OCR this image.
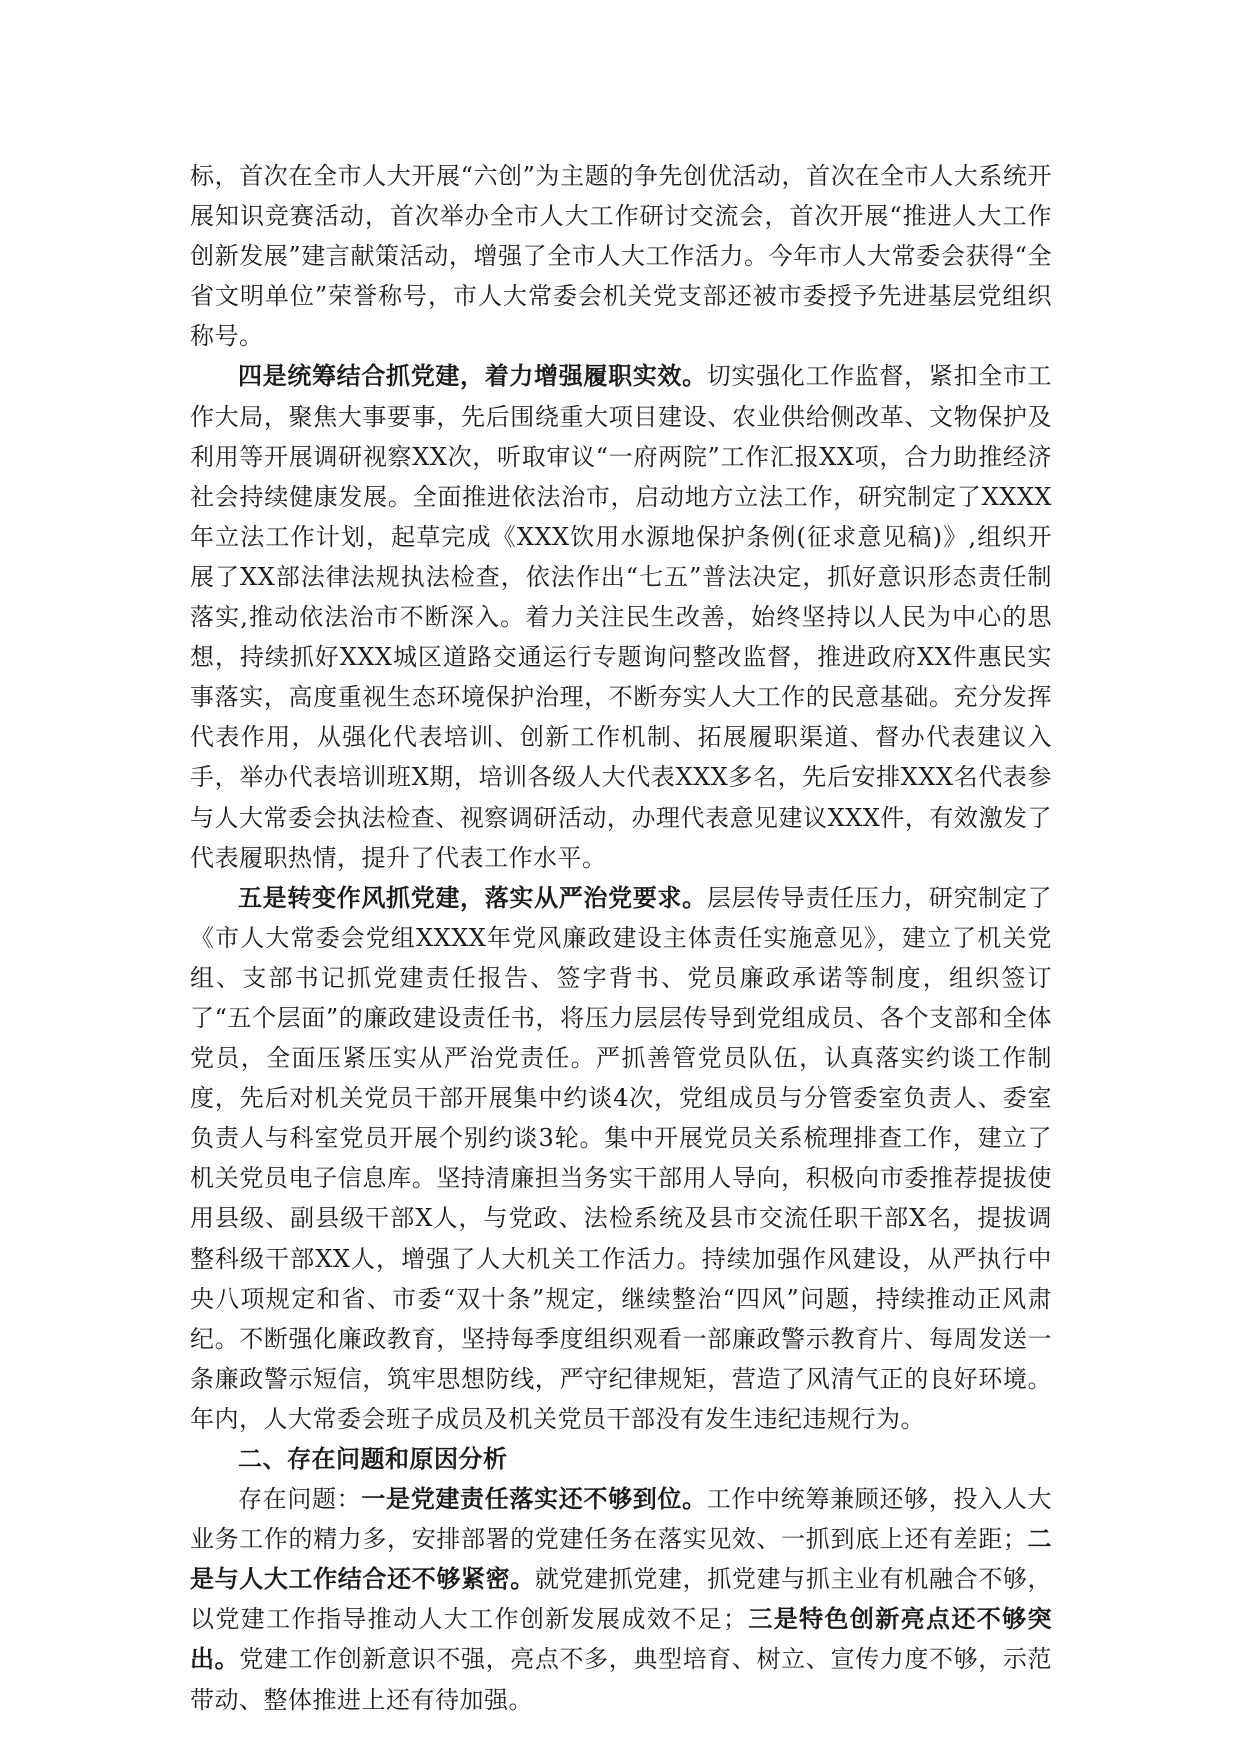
标，首次在全市人大开展“六创”为主题的争先创优活动，首次在全市人大系统开展知识竞赛活动，首次举办全市人大工作研讨交流会，首次开展“推进人大工作创新发展”建言献策活动，增强了全市人大工作活力。今年市人大常委会获得“全省文明单位”荣誉称号，市人大常委会机关党支部还被市委授予先进基层党组织称号。

四是统筹结合抓党建，着力增强履职实效。切实强化工作监督，紧扣全市工作大局，聚焦大事要事，先后围绕重大项目建设、农业供给侧改革、文物保护及利用等开展调研视察XX次，听取审议“一府两院”工作汇报XX项，合力助推经济社会持续健康发展。全面推进依法治市，启动地方立法工作，研究制定了XXXX年立法工作计划，起草完成《XXX饮用水源地保护条例(征求意见稿)》,组织开展了XX部法律法规执法检查，依法作出“七五”普法决定，抓好意识形态责任制落实,推动依法治市不断深入。着力关注民生改善，始终坚持以人民为中心的思想，持续抓好XXX城区道路交通运行专题询问整改监督，推进政府XX件惠民实事落实，高度重视生态环境保护治理，不断夯实人大工作的民意基础。充分发挥代表作用，从强化代表培训、创新工作机制、拓展履职渠道、督办代表建议入手，举办代表培训班X期，培训各级人大代表XXX多名，先后安排XXX名代表参与人大常委会执法检查、视察调研活动，办理代表意见建议XXX件，有效激发了代表履职热情，提升了代表工作水平。

五是转变作风抓党建，落实从严治党要求。层层传导责任压力，研究制定了《市人大常委会党组XXXX年党风廉政建设主体责任实施意见》，建立了机关党组、支部书记抓党建责任报告、签字背书、党员廉政承诺等制度，组织签订了“五个层面”的廉政建设责任书，将压力层层传导到党组成员、各个支部和全体党员，全面压紧压实从严治党责任。严抓善管党员队伍，认真落实约谈工作制度，先后对机关党员干部开展集中约谈4次，党组成员与分管委室负责人、委室负责人与科室党员开展个别约谈3轮。集中开展党员关系梳理排查工作，建立了机关党员电子信息库。坚持清廉担当务实干部用人导向，积极向市委推荐提拔使用县级、副县级干部X人，与党政、法检系统及县市交流任职干部X名，提拔调整科级干部XX人，增强了人大机关工作活力。持续加强作风建设，从严执行中央八项规定和省、市委“双十条”规定，继续整治“四风”问题，持续推动正风肃纪。不断强化廉政教育，坚持每季度组织观看一部廉政警示教育片、每周发送一条廉政警示短信，筑牢思想防线，严守纪律规矩，营造了风清气正的良好环境。年内，人大常委会班子成员及机关党员干部没有发生违纪违规行为。

二、存在问题和原因分析

存在问题：一是党建责任落实还不够到位。工作中统筹兼顾还够，投入人大业务工作的精力多，安排部署的党建任务在落实见效、一抓到底上还有差距；二是与人大工作结合还不够紧密。就党建抓党建，抓党建与抓主业有机融合不够，以党建工作指导推动人大工作创新发展成效不足；三是特色创新亮点还不够突出。党建工作创新意识不强，亮点不多，典型培育、树立、宣传力度不够，示范带动、整体推进上还有待加强。
